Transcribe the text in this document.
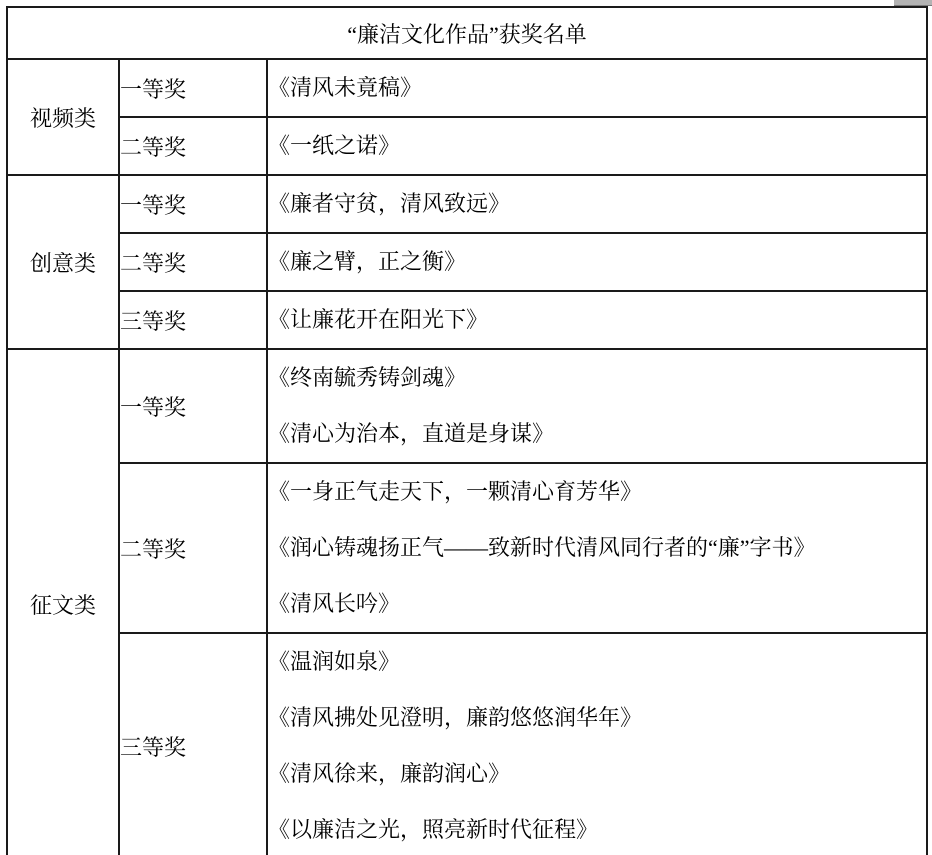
“廉洁文化作品”获奖名单		
视频类	一等奖	《清风未竟稿》

	二等奖	《一纸之诺》

创意类	一等奖	《廉者守贫，清风致远》

	二等奖	《廉之臂，正之衡》

	三等奖	《让廉花开在阳光下》

征文类	一等奖	《终南毓秀铸剑魂》
《清心为治本，直道是身谋》

	二等奖	《一身正气走天下，一颗清心育芳华》
《润心铸魂扬正气——致新时代清风同行者的“廉”字书》
《清风长吟》

	三等奖	《温润如泉》
《清风拂处见澄明，廉韵悠悠润华年》
《清风徐来，廉韵润心》
《以廉洁之光，照亮新时代征程》
